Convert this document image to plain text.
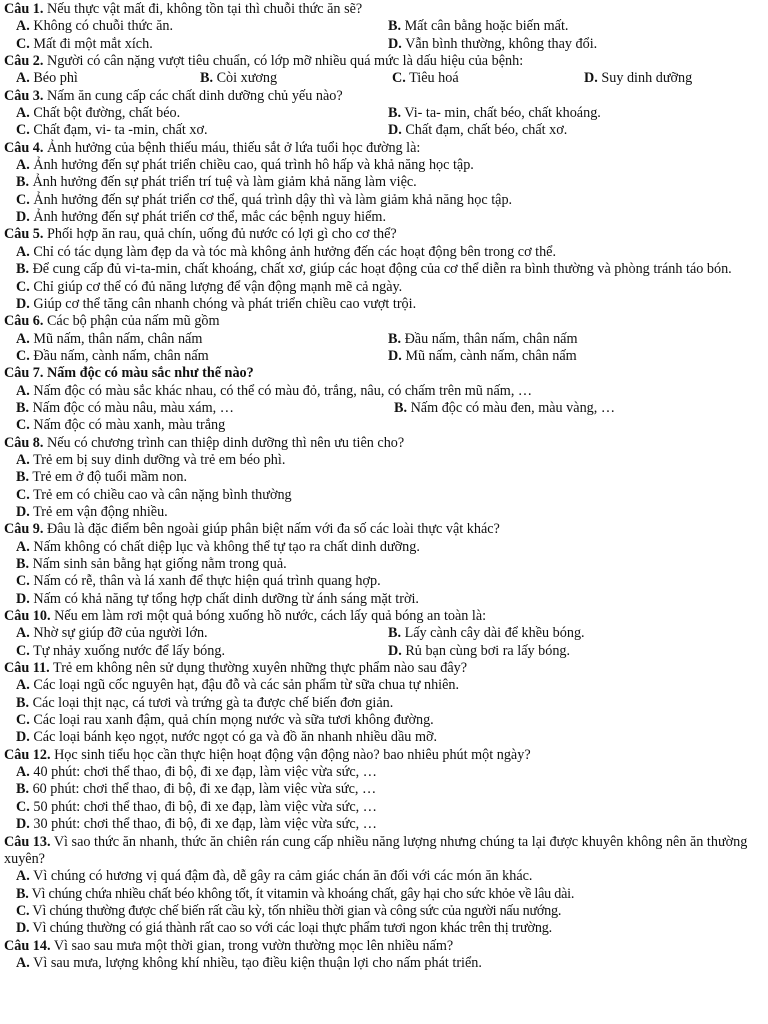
Câu 1. Nếu thực vật mất đi, không tồn tại thì chuỗi thức ăn sẽ?
A. Không có chuỗi thức ăn.	B. Mất cân bằng hoặc biến mất.
C. Mất đi một mắt xích.	D. Vẫn bình thường, không thay đổi.
Câu 2. Người có cân nặng vượt tiêu chuẩn, có lớp mỡ nhiều quá mức là dấu hiệu của bệnh:
A. Béo phì	B. Còi xương	C. Tiêu hoá	D. Suy dinh dưỡng
Câu 3. Nấm ăn cung cấp các chất dinh dưỡng chủ yếu nào?
A. Chất bột đường, chất béo.	B. Vi- ta- min, chất béo, chất khoáng.
C. Chất đạm, vi- ta -min, chất xơ.	D. Chất đạm, chất béo, chất xơ.
Câu 4. Ảnh hưởng của bệnh thiếu máu, thiếu sắt ở lứa tuổi học đường là:
A. Ảnh hưởng đến sự phát triển chiều cao, quá trình hô hấp và khả năng học tập.
B. Ảnh hưởng đến sự phát triển trí tuệ và làm giảm khả năng làm việc.
C. Ảnh hưởng đến sự phát triển cơ thể, quá trình dậy thì và làm giảm khả năng học tập.
D. Ảnh hưởng đến sự phát triển cơ thể, mắc các bệnh nguy hiểm.
Câu 5. Phối hợp ăn rau, quả chín, uống đủ nước có lợi gì cho cơ thể?
A. Chỉ có tác dụng làm đẹp da và tóc mà không ảnh hưởng đến các hoạt động bên trong cơ thể.
B. Để cung cấp đủ vi-ta-min, chất khoáng, chất xơ, giúp các hoạt động của cơ thể diễn ra bình thường và phòng tránh táo bón.
C. Chỉ giúp cơ thể có đủ năng lượng để vận động mạnh mẽ cả ngày.
D. Giúp cơ thể tăng cân nhanh chóng và phát triển chiều cao vượt trội.
Câu 6. Các bộ phận của nấm mũ gồm
A. Mũ nấm, thân nấm, chân nấm	B. Đầu nấm, thân nấm, chân nấm
C. Đầu nấm, cành nấm, chân nấm	D. Mũ nấm, cành nấm, chân nấm
Câu 7. Nấm độc có màu sắc như thế nào?
A. Nấm độc có màu sắc khác nhau, có thể có màu đỏ, trắng, nâu, có chấm trên mũ nấm, …
B. Nấm độc có màu nâu, màu xám, …	B. Nấm độc có màu đen, màu vàng, …
C. Nấm độc có màu xanh, màu trắng
Câu 8. Nếu có chương trình can thiệp dinh dưỡng thì nên ưu tiên cho?
A. Trẻ em bị suy dinh dưỡng và trẻ em béo phì.
B. Trẻ em ở độ tuổi mầm non.
C. Trẻ em có chiều cao và cân nặng bình thường
D. Trẻ em vận động nhiều.
Câu 9. Đâu là đặc điểm bên ngoài giúp phân biệt nấm với đa số các loài thực vật khác?
A. Nấm không có chất diệp lục và không thể tự tạo ra chất dinh dưỡng.
B. Nấm sinh sản bằng hạt giống nằm trong quả.
C. Nấm có rễ, thân và lá xanh để thực hiện quá trình quang hợp.
D. Nấm có khả năng tự tổng hợp chất dinh dưỡng từ ánh sáng mặt trời.
Câu 10. Nếu em làm rơi một quả bóng xuống hồ nước, cách lấy quả bóng an toàn là:
A. Nhờ sự giúp đỡ của người lớn.	B. Lấy cành cây dài để khều bóng.
C. Tự nhảy xuống nước để lấy bóng.	D. Rủ bạn cùng bơi ra lấy bóng.
Câu 11. Trẻ em không nên sử dụng thường xuyên những thực phẩm nào sau đây?
A. Các loại ngũ cốc nguyên hạt, đậu đỗ và các sản phẩm từ sữa chua tự nhiên.
B. Các loại thịt nạc, cá tươi và trứng gà ta được chế biến đơn giản.
C. Các loại rau xanh đậm, quả chín mọng nước và sữa tươi không đường.
D. Các loại bánh kẹo ngọt, nước ngọt có ga và đồ ăn nhanh nhiều dầu mỡ.
Câu 12. Học sinh tiểu học cần thực hiện hoạt động vận động nào? bao nhiêu phút một ngày?
A. 40 phút: chơi thể thao, đi bộ, đi xe đạp, làm việc vừa sức, …
B. 60 phút: chơi thể thao, đi bộ, đi xe đạp, làm việc vừa sức, …
C. 50 phút: chơi thể thao, đi bộ, đi xe đạp, làm việc vừa sức, …
D. 30 phút: chơi thể thao, đi bộ, đi xe đạp, làm việc vừa sức, …
Câu 13. Vì sao thức ăn nhanh, thức ăn chiên rán cung cấp nhiều năng lượng nhưng chúng ta lại được khuyên không nên ăn thường xuyên?
A. Vì chúng có hương vị quá đậm đà, dễ gây ra cảm giác chán ăn đối với các món ăn khác.
B. Vì chúng chứa nhiều chất béo không tốt, ít vitamin và khoáng chất, gây hại cho sức khỏe về lâu dài.
C. Vì chúng thường được chế biến rất cầu kỳ, tốn nhiều thời gian và công sức của người nấu nướng.
D. Vì chúng thường có giá thành rất cao so với các loại thực phẩm tươi ngon khác trên thị trường.
Câu 14. Vì sao sau mưa một thời gian, trong vườn thường mọc lên nhiều nấm?
A. Vì sau mưa, lượng không khí nhiều, tạo điều kiện thuận lợi cho nấm phát triển.
